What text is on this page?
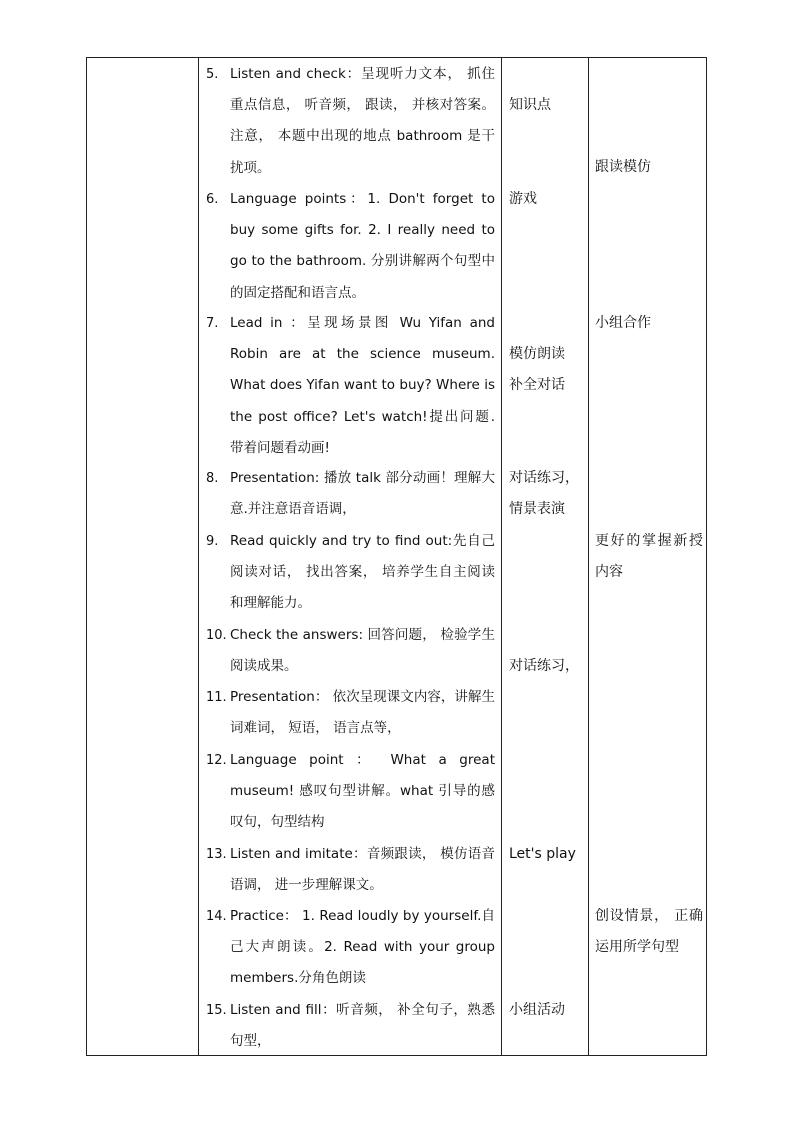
5. Listen and check：呈现听力文本， 抓住重点信息， 听音频， 跟读， 并核对答案。注意， 本题中出现的地点 bathroom 是干扰项。
6. Language points：1. Don't forget to buy some gifts for. 2. I really need to go to the bathroom. 分别讲解两个句型中的固定搭配和语言点。
7. Lead in ：呈现场景图 Wu Yifan and Robin are at the science museum. What does Yifan want to buy? Where is the post office? Let's watch!提出问题. 带着问题看动画!
8. Presentation: 播放 talk 部分动画！理解大意.并注意语音语调，
9. Read quickly and try to find out:先自己阅读对话， 找出答案， 培养学生自主阅读和理解能力。
10. Check the answers: 回答问题， 检验学生阅读成果。
11. Presentation： 依次呈现课文内容，讲解生词难词， 短语， 语言点等，
12. Language point ： What a great museum! 感叹句型讲解。what 引导的感叹句，句型结构
13. Listen and imitate：音频跟读， 模仿语音语调， 进一步理解课文。
14. Practice： 1. Read loudly by yourself.自己大声朗读。2. Read with your group members.分角色朗读
15. Listen and fill：听音频， 补全句子，熟悉句型，
知识点
游戏
模仿朗读
补全对话
对话练习，
情景表演
对话练习，
Let's play
小组活动
跟读模仿
小组合作
更好的掌握新授内容
创设情景， 正确运用所学句型
